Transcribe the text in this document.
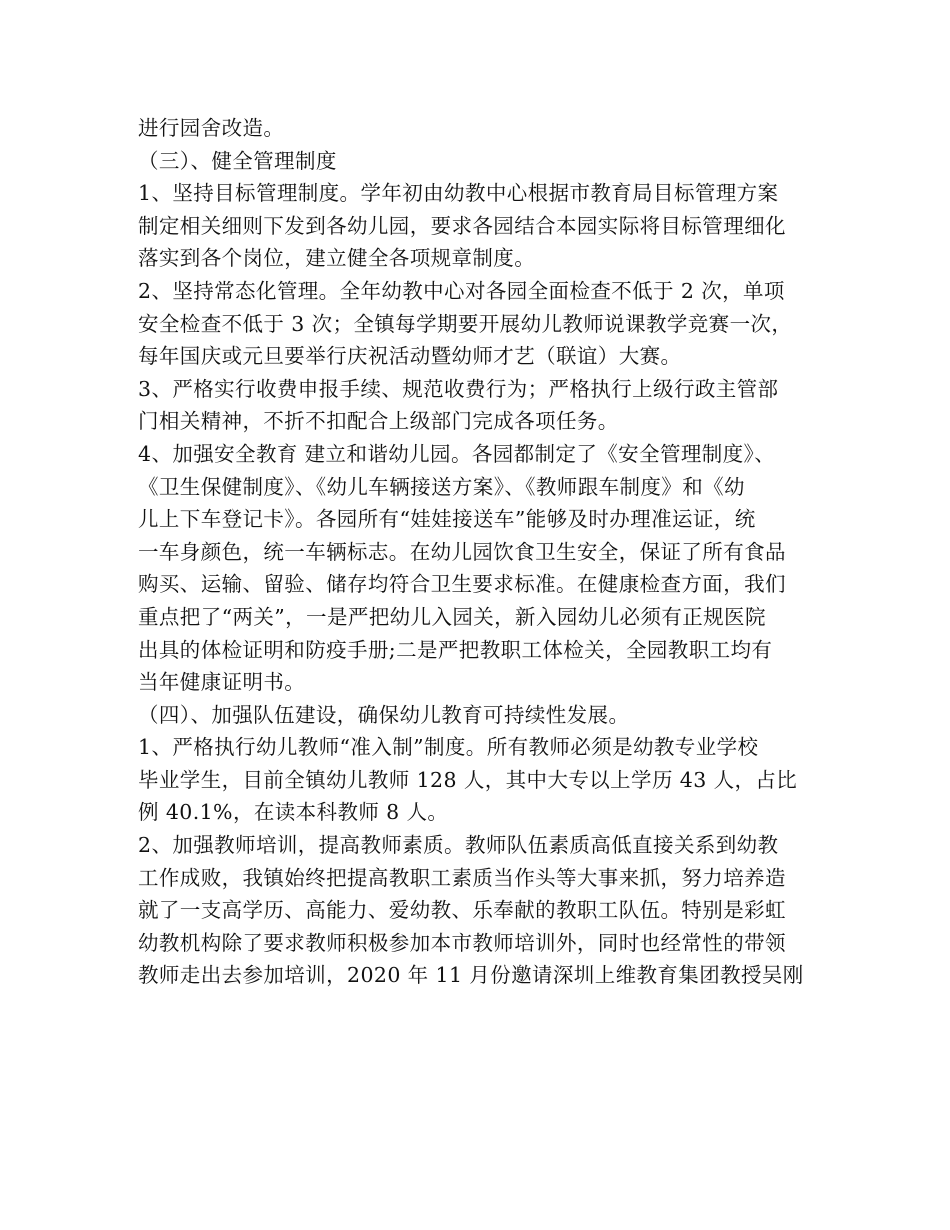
进行园舍改造。
（三）、健全管理制度
1、坚持目标管理制度。学年初由幼教中心根据市教育局目标管理方案
制定相关细则下发到各幼儿园，要求各园结合本园实际将目标管理细化
落实到各个岗位，建立健全各项规章制度。
2、坚持常态化管理。全年幼教中心对各园全面检查不低于 2 次，单项
安全检查不低于 3 次；全镇每学期要开展幼儿教师说课教学竞赛一次，
每年国庆或元旦要举行庆祝活动暨幼师才艺（联谊）大赛。
3、严格实行收费申报手续、规范收费行为；严格执行上级行政主管部
门相关精神，不折不扣配合上级部门完成各项任务。
4、加强安全教育 建立和谐幼儿园。各园都制定了《安全管理制度》、
《卫生保健制度》、《幼儿车辆接送方案》、《教师跟车制度》和《幼
儿上下车登记卡》。各园所有“娃娃接送车”能够及时办理准运证，统
一车身颜色，统一车辆标志。在幼儿园饮食卫生安全，保证了所有食品
购买、运输、留验、储存均符合卫生要求标准。在健康检查方面，我们
重点把了“两关”，一是严把幼儿入园关，新入园幼儿必须有正规医院
出具的体检证明和防疫手册;二是严把教职工体检关，全园教职工均有
当年健康证明书。
（四）、加强队伍建设，确保幼儿教育可持续性发展。
1、严格执行幼儿教师“准入制”制度。所有教师必须是幼教专业学校
毕业学生，目前全镇幼儿教师 128 人，其中大专以上学历 43 人，占比
例 40.1%，在读本科教师 8 人。
2、加强教师培训，提高教师素质。教师队伍素质高低直接关系到幼教
工作成败，我镇始终把提高教职工素质当作头等大事来抓，努力培养造
就了一支高学历、高能力、爱幼教、乐奉献的教职工队伍。特别是彩虹
幼教机构除了要求教师积极参加本市教师培训外，同时也经常性的带领
教师走出去参加培训，2020 年 11 月份邀请深圳上维教育集团教授吴刚
